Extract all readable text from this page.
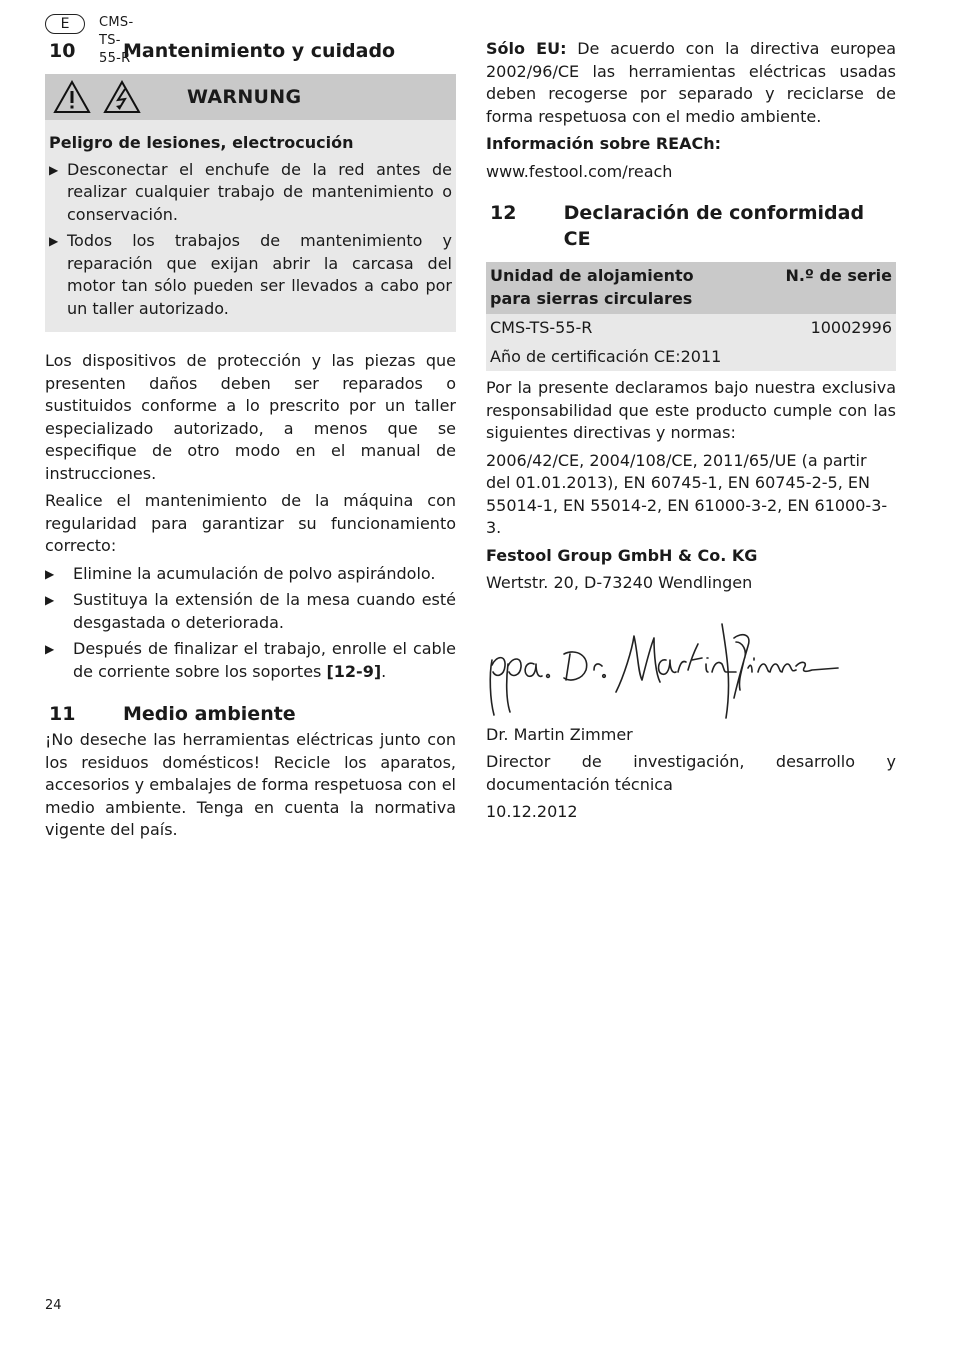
E	CMS-TS-55-R
10	Mantenimiento y cuidado
WARNUNG
Peligro de lesiones, electrocución
▶ Desconectar el enchufe de la red antes de realizar cualquier trabajo de mantenimiento o conservación.
▶ Todos los trabajos de mantenimiento y reparación que exijan abrir la carcasa del motor tan sólo pueden ser llevados a cabo por un taller autorizado.

Los dispositivos de protección y las piezas que presenten daños deben ser reparados o sustituidos conforme a lo prescrito por un taller especializado autorizado, a menos que se especifique de otro modo en el manual de instrucciones.

Realice el mantenimiento de la máquina con regularidad para garantizar su funcionamiento correcto:

▶	Elimine la acumulación de polvo aspirándolo.
▶	Sustituya la extensión de la mesa cuando esté desgastada o deteriorada.
▶	Después de finalizar el trabajo, enrolle el cable de corriente sobre los soportes [12-9].
11	Medio ambiente

¡No deseche las herramientas eléctricas junto con los residuos domésticos! Recicle los aparatos, accesorios y embalajes de forma respetuosa con el medio ambiente. Tenga en cuenta la normativa vigente del país.

Sólo EU: De acuerdo con la directiva europea 2002/96/CE las herramientas eléctricas usadas deben recogerse por separado y reciclarse de forma respetuosa con el medio ambiente.

Información sobre REACh:

www.festool.com/reach

12	Declaración de conformidad CE
Unidad de alojamiento para sierras circulares	N.º de serie
CMS-TS-55-R	10002996
Año de certificación CE:2011	

Por la presente declaramos bajo nuestra exclusiva responsabilidad que este producto cumple con las siguientes directivas y normas:

2006/42/CE, 2004/108/CE, 2011/65/UE (a partir del 01.01.2013), EN 60745-1, EN 60745-2-5, EN 55014-1, EN 55014-2, EN 61000-3-2, EN 61000-3-3.

Festool Group GmbH & Co. KG

Wertstr. 20, D-73240 Wendlingen

Dr. Martin Zimmer

Director de investigación, desarrollo y documentación técnica

10.12.2012

24
